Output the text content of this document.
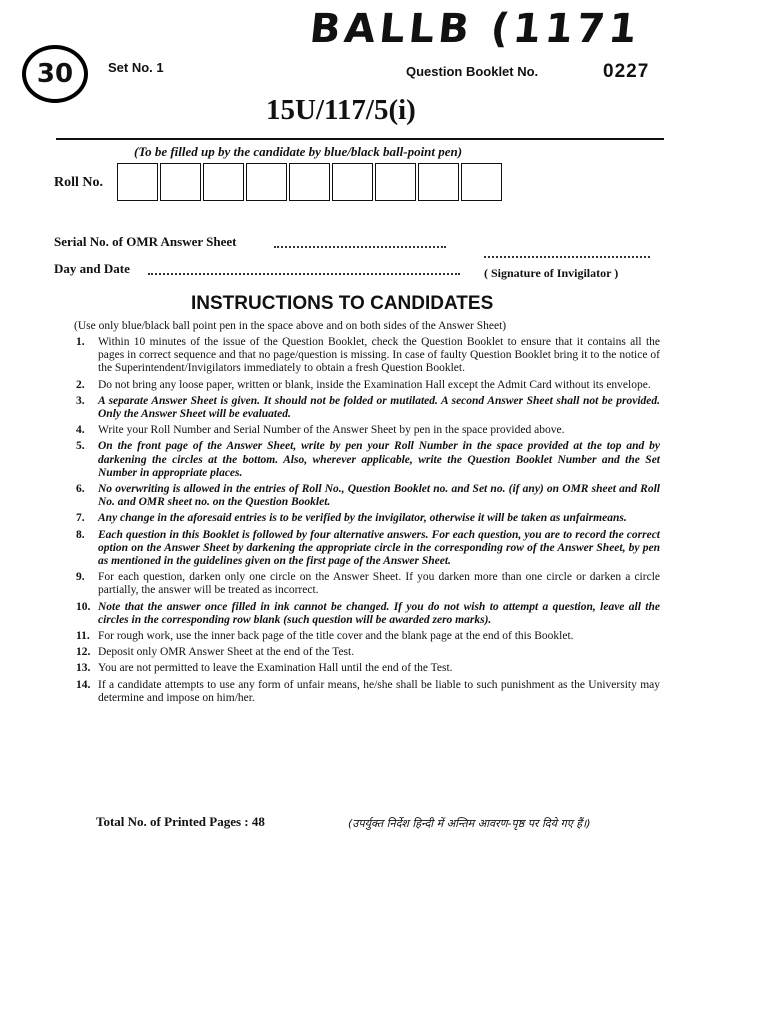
30	Set No. 1
BALLB (1171
Question Booklet No.	0227
15U/117/5(i)
(To be filled up by the candidate by blue/black ball-point pen)
Roll No.
Serial No. of OMR Answer Sheet
Day and Date	( Signature of Invigilator )
INSTRUCTIONS TO CANDIDATES
(Use only blue/black ball point pen in the space above and on both sides of the Answer Sheet)
1.	Within 10 minutes of the issue of the Question Booklet, check the Question Booklet to ensure that it contains all the pages in correct sequence and that no page/question is missing. In case of faulty Question Booklet bring it to the notice of the Superintendent/Invigilators immediately to obtain a fresh Question Booklet.
2.	Do not bring any loose paper, written or blank, inside the Examination Hall except the Admit Card without its envelope.
3.	A separate Answer Sheet is given. It should not be folded or mutilated. A second Answer Sheet shall not be provided. Only the Answer Sheet will be evaluated.
4.	Write your Roll Number and Serial Number of the Answer Sheet by pen in the space provided above.
5.	On the front page of the Answer Sheet, write by pen your Roll Number in the space provided at the top and by darkening the circles at the bottom. Also, wherever applicable, write the Question Booklet Number and the Set Number in appropriate places.
6.	No overwriting is allowed in the entries of Roll No., Question Booklet no. and Set no. (if any) on OMR sheet and Roll No. and OMR sheet no. on the Question Booklet.
7.	Any change in the aforesaid entries is to be verified by the invigilator, otherwise it will be taken as unfairmeans.
8.	Each question in this Booklet is followed by four alternative answers. For each question, you are to record the correct option on the Answer Sheet by darkening the appropriate circle in the corresponding row of the Answer Sheet, by pen as mentioned in the guidelines given on the first page of the Answer Sheet.
9.	For each question, darken only one circle on the Answer Sheet. If you darken more than one circle or darken a circle partially, the answer will be treated as incorrect.
10. Note that the answer once filled in ink cannot be changed. If you do not wish to attempt a question, leave all the circles in the corresponding row blank (such question will be awarded zero marks).
11. For rough work, use the inner back page of the title cover and the blank page at the end of this Booklet.
12. Deposit only OMR Answer Sheet at the end of the Test.
13. You are not permitted to leave the Examination Hall until the end of the Test.
14. If a candidate attempts to use any form of unfair means, he/she shall be liable to such punishment as the University may determine and impose on him/her.
Total No. of Printed Pages : 48	(उपर्युक्त निर्देश हिन्दी में अन्तिम आवरण-पृष्ठ पर दिये गए हैं।)
